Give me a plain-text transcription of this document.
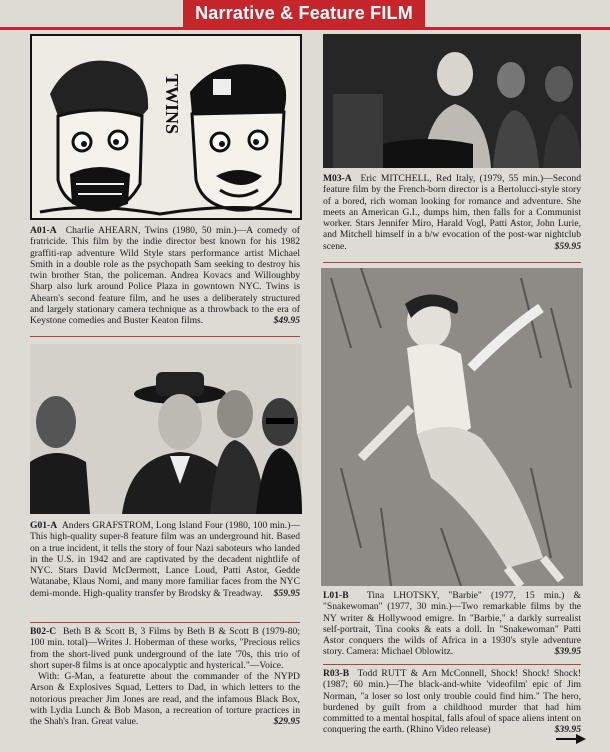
Narrative & Feature FILM
TWINS

A01-A Charlie AHEARN, Twins (1980, 50 min.)—A comedy of fratricide. This film by the indie director best known for his 1982 graffiti-rap adventure Wild Style stars performance artist Michael Smith in a double role as the psychopath Sam seeking to destroy his twin brother Stan, the policeman. Andrea Kovacs and Willoughby Sharp also lurk around Police Plaza in gowntown NYC. Twins is Ahearn's second feature film, and he uses a deliberately structured and largely stationary camera technique as a throwback to the era of Keystone comedies and Buster Keaton films.	$49.95

G01-A Anders GRAFSTROM, Long Island Four (1980, 100 min.)—This high-quality super-8 feature film was an underground hit. Based on a true incident, it tells the story of four Nazi saboteurs who landed in the U.S. in 1942 and are captivated by the decadent nightlife of NYC. Stars David McDermott, Lance Loud, Patti Astor, Gedde Watanabe, Klaus Nomi, and many more familiar faces from the NYC demi-monde. High-quality transfer by Brodsky & Treadway. $59.95

B02-C Beth B & Scott B, 3 Films by Beth B & Scott B (1979-80; 100 min. total)—Writes J. Hoberman of these works, "Precious relics from the short-lived punk underground of the late '70s, this trio of short super-8 films is at once apocalyptic and hysterical."—Voice.

With: G-Man, a featurette about the commander of the NYPD Arson & Explosives Squad, Letters to Dad, in which letters to the notorious preacher Jim Jones are read, and the infamous Black Box, with Lydia Lunch & Bob Mason, a recreation of torture practices in the Shah's Iran. Great value.	$29.95

M03-A Eric MITCHELL, Red Italy, (1979, 55 min.)—Second feature film by the French-born director is a Bertolucci-style story of a bored, rich woman looking for romance and adventure. She meets an American G.I., dumps him, then falls for a Communist worker. Stars Jennifer Miro, Harald Vogl, Patti Astor, John Lurie, and Mitchell himself in a b/w evocation of the post-war nightclub scene.	$59.95

L01-B Tina LHOTSKY, "Barbie" (1977, 15 min.) & "Snakewoman" (1977, 30 min.)—Two remarkable films by the NY writer & Hollywood emigre. In "Barbie," a darkly surrealist self-portrait, Tina cooks & eats a doll. In "Snakewoman" Patti Astor conquers the wilds of Africa in a 1930's style adventure story. Camera: Michael Oblowitz.	$39.95

R03-B Todd RUTT & Arn McConnell, Shock! Shock! Shock! (1987; 60 min.)—The black-and-white 'videofilm' epic of Jim Norman, "a loser so lost only trouble could find him." The hero, burdened by guilt from a childhood murder that had him committed to a mental hospital, falls afoul of space aliens intent on conquering the earth. (Rhino Video release)	$39.95
